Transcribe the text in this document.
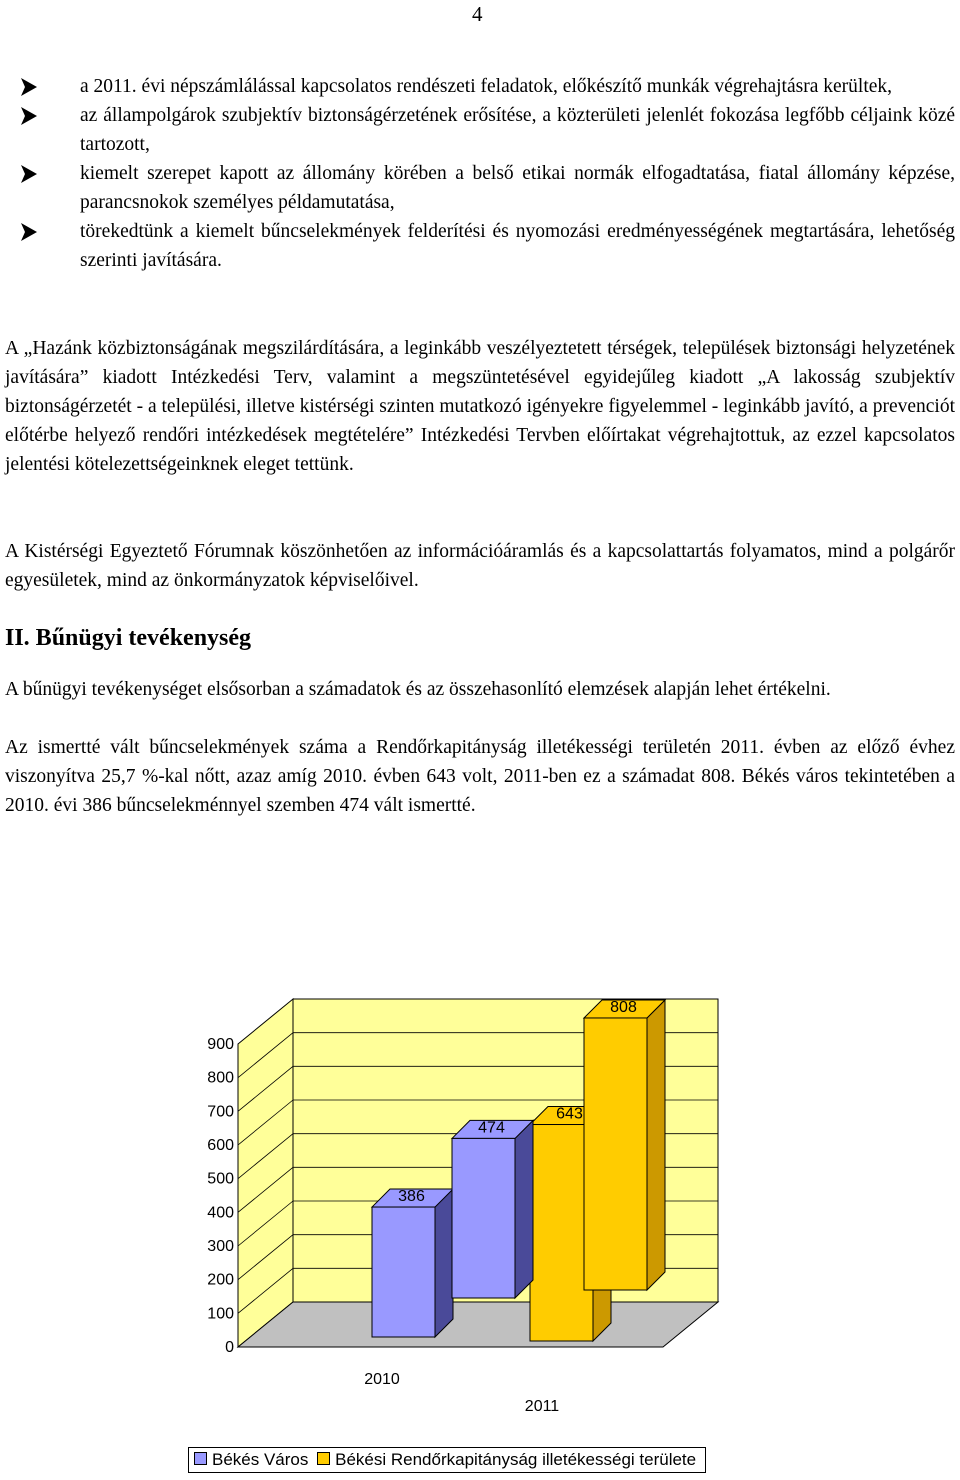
4
a 2011. évi népszámlálással kapcsolatos rendészeti feladatok, előkészítő munkák végrehajtásra kerültek,
az állampolgárok szubjektív biztonságérzetének erősítése, a közterületi jelenlét fokozása legfőbb céljaink közé tartozott,
kiemelt szerepet kapott az állomány körében a belső etikai normák elfogadtatása, fiatal állomány képzése, parancsnokok személyes példamutatása,
törekedtünk a kiemelt bűncselekmények felderítési és nyomozási eredményességének megtartására, lehetőség szerinti javítására.

A „Hazánk közbiztonságának megszilárdítására, a leginkább veszélyeztetett térségek, települések biztonsági helyzetének javítására” kiadott Intézkedési Terv, valamint a megszüntetésével egyidejűleg kiadott „A lakosság szubjektív biztonságérzetét - a települési, illetve kistérségi szinten mutatkozó igényekre figyelemmel - leginkább javító, a prevenciót előtérbe helyező rendőri intézkedések megtételére” Intézkedési Tervben előírtakat végrehajtottuk, az ezzel kapcsolatos jelentési kötelezettségeinknek eleget tettünk.

A Kistérségi Egyeztető Fórumnak köszönhetően az információáramlás és a kapcsolattartás folyamatos, mind a polgárőr egyesületek, mind az önkormányzatok képviselőivel.

II. Bűnügyi tevékenység

A bűnügyi tevékenységet elsősorban a számadatok és az összehasonlító elemzések alapján lehet értékelni.

Az ismertté vált bűncselekmények száma a Rendőrkapitányság illetékességi területén 2011. évben az előző évhez viszonyítva 25,7 %-kal nőtt, azaz amíg 2010. évben 643 volt, 2011-ben ez a számadat 808. Békés város tekintetében a 2010. évi 386 bűncselekménnyel szemben 474 vált ismertté.

0
100
200
300
400
500
600
700
800
900
643
808
386
474
2010
2011
Békés Város Békési Rendőrkapitányság illetékességi területe
